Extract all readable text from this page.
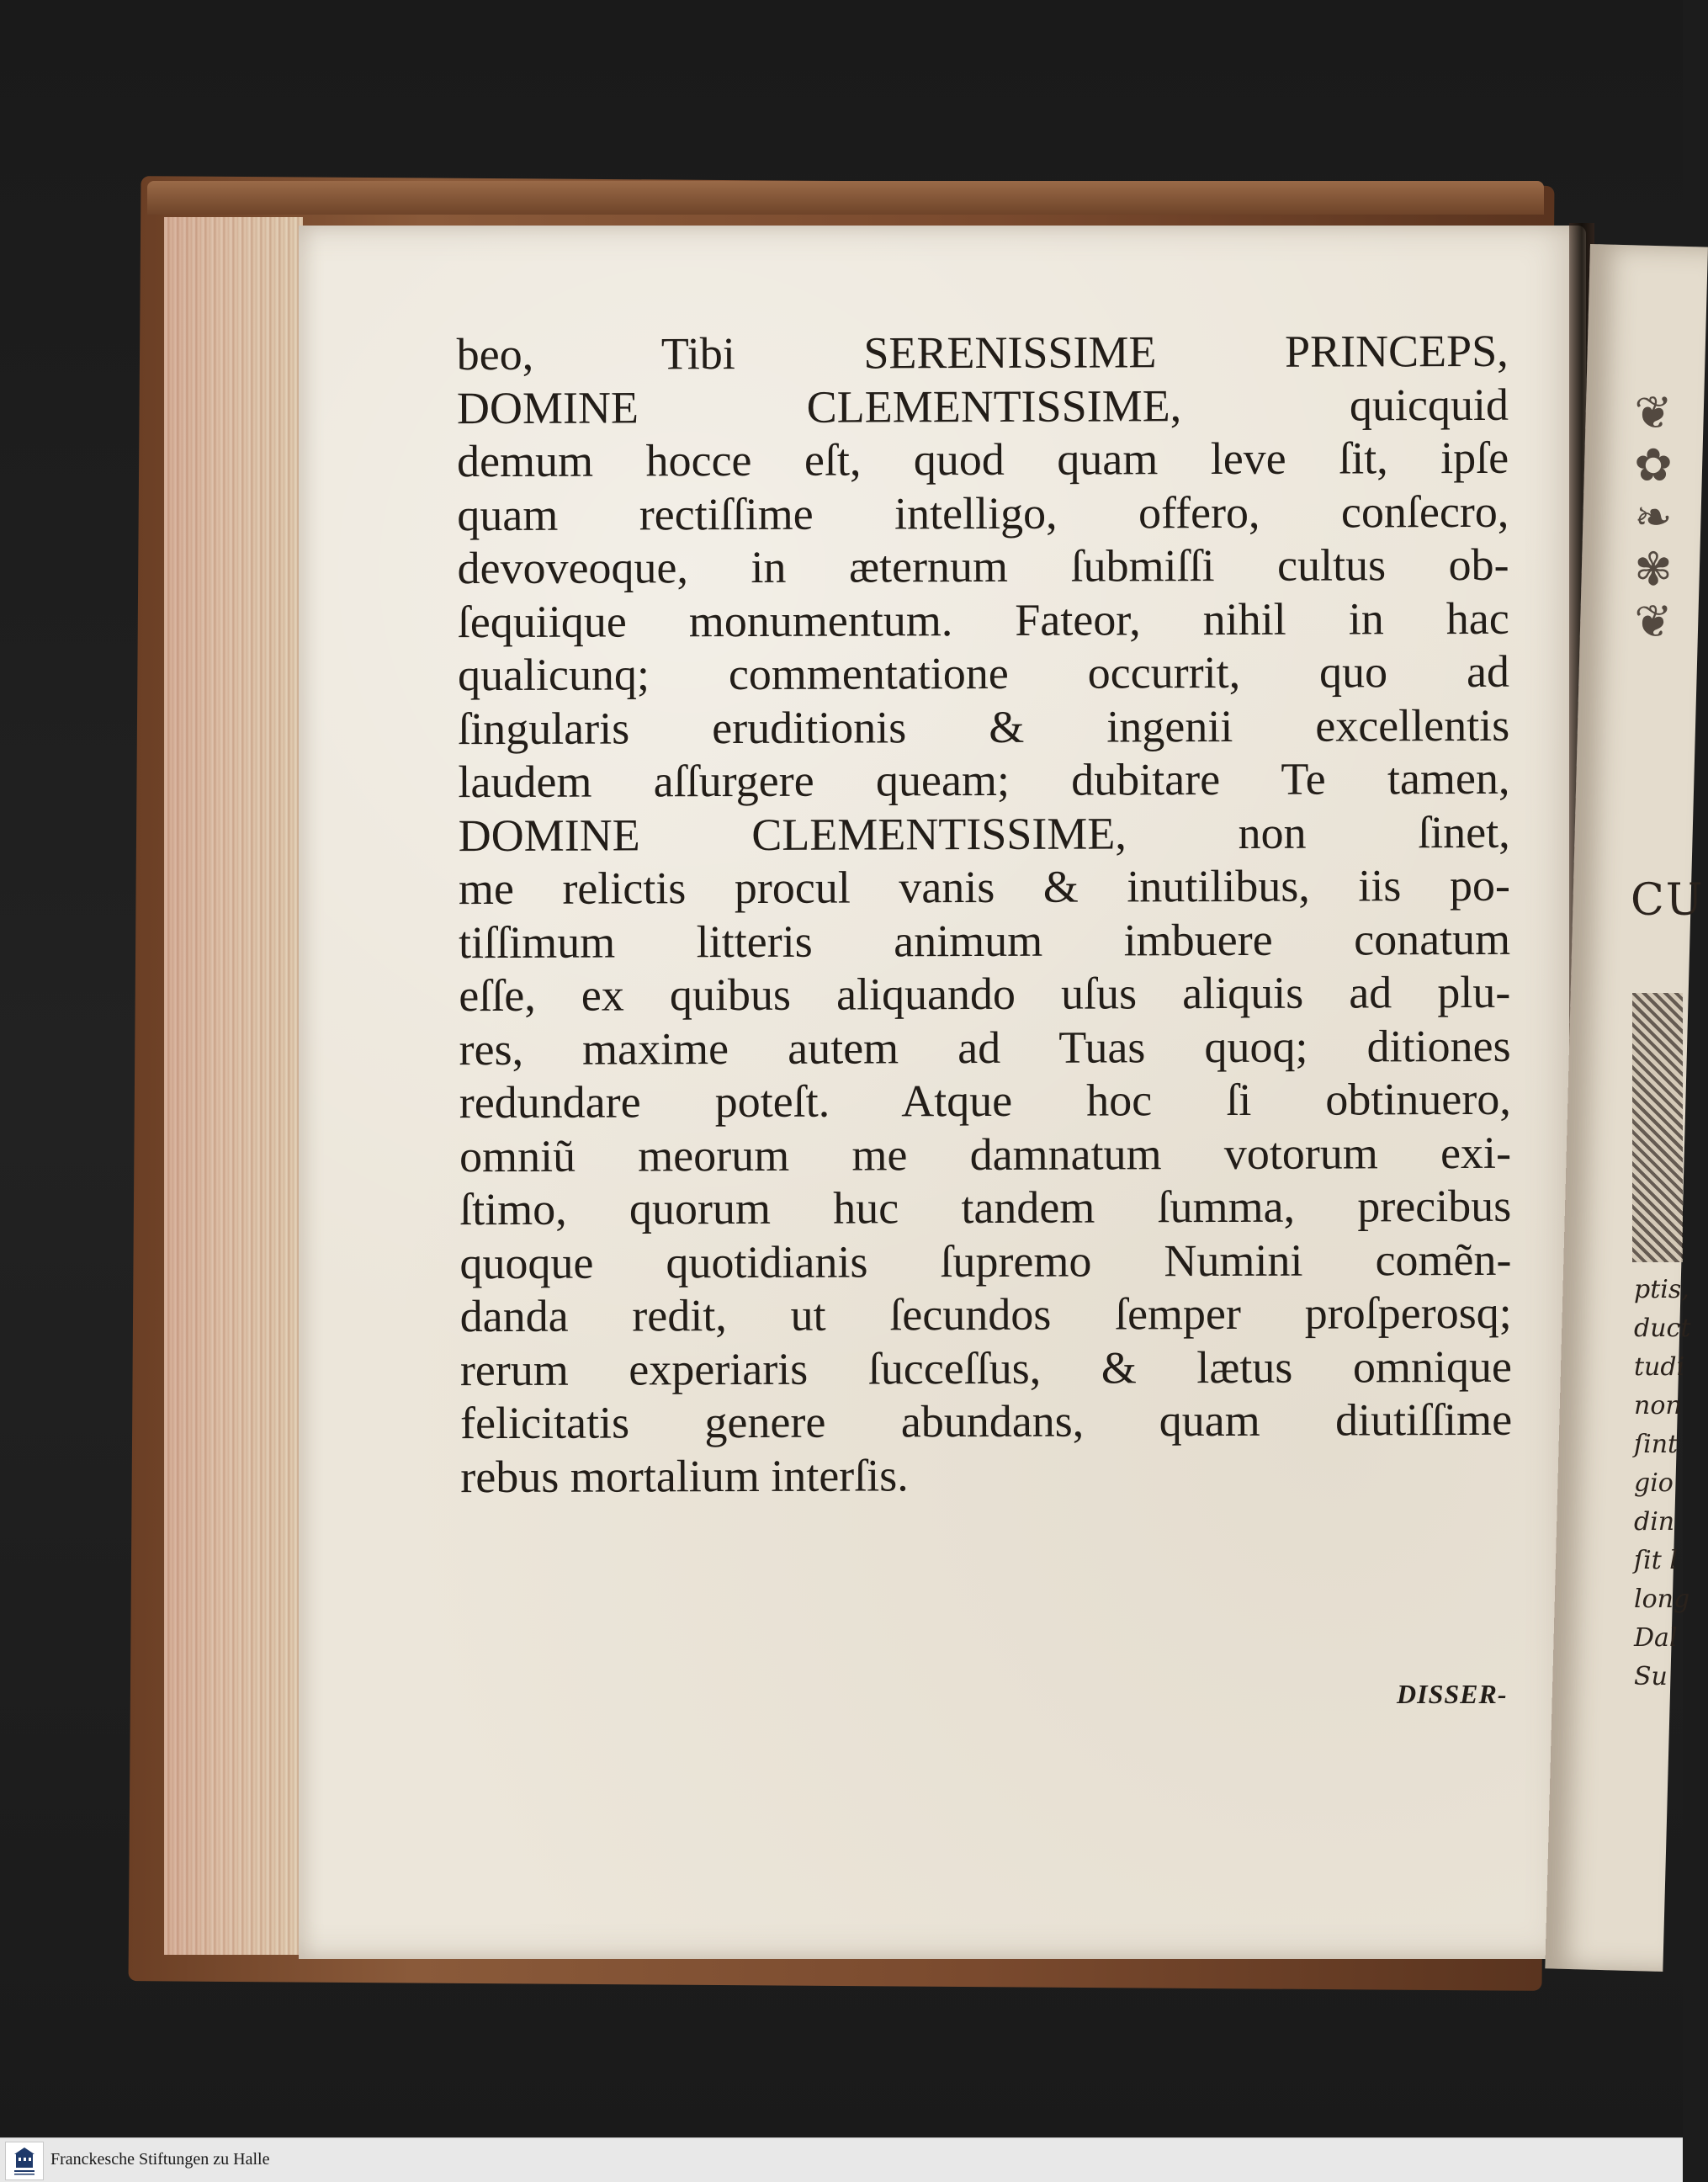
❦
✿
❧
✾
❦
CU
ptis,
duct
tudi
non
ſint
gio
din
ſit l
long
Dal
Su
beo, Tibi SERENISSIME PRINCEPS,
DOMINE CLEMENTISSIME, quicquid
demum hocce eſt, quod quam leve ſit, ipſe
quam rectiſſime intelligo, offero, conſecro,
devoveoque, in æternum ſubmiſſi cultus ob-
ſequiique monumentum. Fateor, nihil in hac
qualicunq; commentatione occurrit, quo ad
ſingularis eruditionis & ingenii excellentis
laudem aſſurgere queam; dubitare Te tamen,
DOMINE CLEMENTISSIME, non ſinet,
me relictis procul vanis & inutilibus, iis po-
tiſſimum litteris animum imbuere conatum
eſſe, ex quibus aliquando uſus aliquis ad plu-
res, maxime autem ad Tuas quoq; ditiones
redundare poteſt. Atque hoc ſi obtinuero,
omniũ meorum me damnatum votorum exi-
ſtimo, quorum huc tandem ſumma, precibus
quoque quotidianis ſupremo Numini comẽn-
danda redit, ut ſecundos ſemper proſperosq;
rerum experiaris ſucceſſus, & lætus omnique
felicitatis genere abundans, quam diutiſſime
rebus mortalium interſis.
DISSER-
Franckesche Stiftungen zu Halle
